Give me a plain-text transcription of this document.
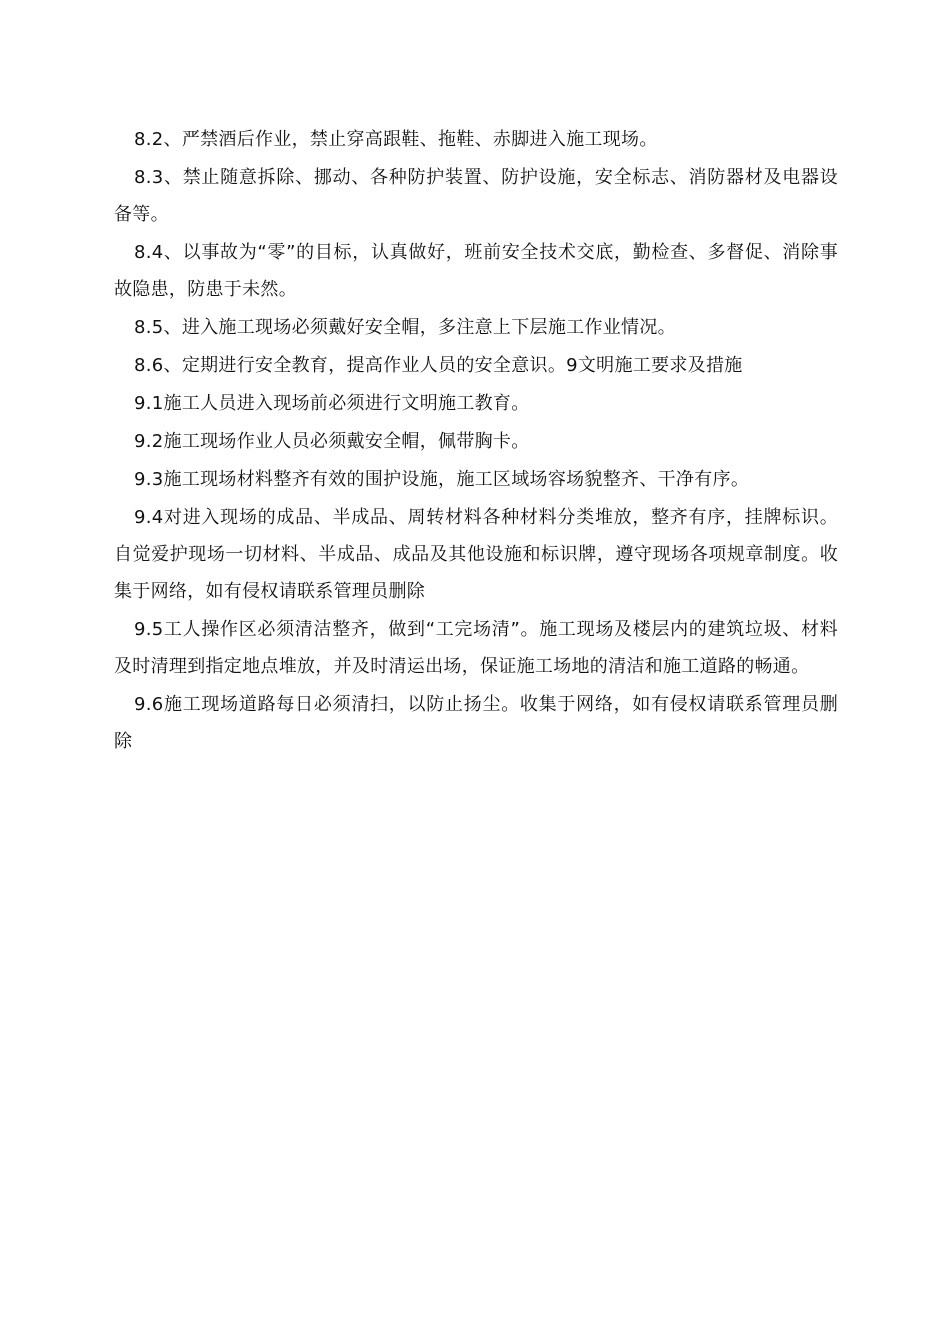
8.2、严禁酒后作业，禁止穿高跟鞋、拖鞋、赤脚进入施工现场。

8.3、禁止随意拆除、挪动、各种防护装置、防护设施，安全标志、消防器材及电器设备等。

8.4、以事故为“零”的目标，认真做好，班前安全技术交底，勤检查、多督促、消除事故隐患，防患于未然。

8.5、进入施工现场必须戴好安全帽，多注意上下层施工作业情况。

8.6、定期进行安全教育，提高作业人员的安全意识。9文明施工要求及措施

9.1施工人员进入现场前必须进行文明施工教育。

9.2施工现场作业人员必须戴安全帽，佩带胸卡。

9.3施工现场材料整齐有效的围护设施，施工区域场容场貌整齐、干净有序。

9.4对进入现场的成品、半成品、周转材料各种材料分类堆放，整齐有序，挂牌标识。自觉爱护现场一切材料、半成品、成品及其他设施和标识牌，遵守现场各项规章制度。收集于网络，如有侵权请联系管理员删除

9.5工人操作区必须清洁整齐，做到“工完场清”。施工现场及楼层内的建筑垃圾、材料及时清理到指定地点堆放，并及时清运出场，保证施工场地的清洁和施工道路的畅通。

9.6施工现场道路每日必须清扫，以防止扬尘。收集于网络，如有侵权请联系管理员删除
